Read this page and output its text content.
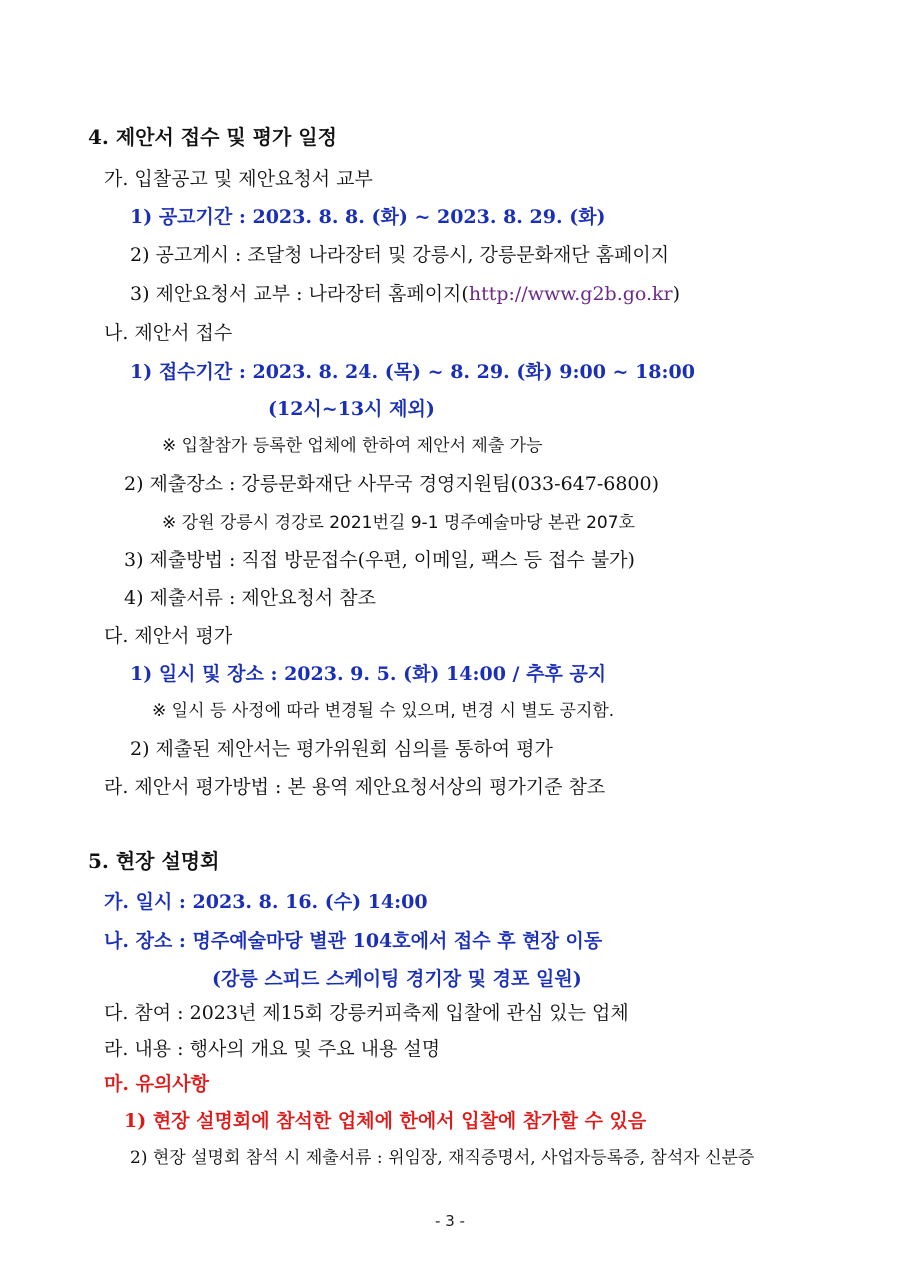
4. 제안서 접수 및 평가 일정
가. 입찰공고 및 제안요청서 교부
1) 공고기간 : 2023. 8. 8. (화) ~ 2023. 8. 29. (화)
2) 공고게시 : 조달청 나라장터 및 강릉시, 강릉문화재단 홈페이지
3) 제안요청서 교부 : 나라장터 홈페이지(http://www.g2b.go.kr)
나. 제안서 접수
1) 접수기간 : 2023. 8. 24. (목) ~ 8. 29. (화) 9:00 ~ 18:00
(12시~13시 제외)
※ 입찰참가 등록한 업체에 한하여 제안서 제출 가능
2) 제출장소 : 강릉문화재단 사무국 경영지원팀(033-647-6800)
※ 강원 강릉시 경강로 2021번길 9-1 명주예술마당 본관 207호
3) 제출방법 : 직접 방문접수(우편, 이메일, 팩스 등 접수 불가)
4) 제출서류 : 제안요청서 참조
다. 제안서 평가
1) 일시 및 장소 : 2023. 9. 5. (화) 14:00 / 추후 공지
※ 일시 등 사정에 따라 변경될 수 있으며, 변경 시 별도 공지함.
2) 제출된 제안서는 평가위원회 심의를 통하여 평가
라. 제안서 평가방법 : 본 용역 제안요청서상의 평가기준 참조
5. 현장 설명회
가. 일시 : 2023. 8. 16. (수) 14:00
나. 장소 : 명주예술마당 별관 104호에서 접수 후 현장 이동
(강릉 스피드 스케이팅 경기장 및 경포 일원)
다. 참여 : 2023년 제15회 강릉커피축제 입찰에 관심 있는 업체
라. 내용 : 행사의 개요 및 주요 내용 설명
마. 유의사항
1) 현장 설명회에 참석한 업체에 한에서 입찰에 참가할 수 있음
2) 현장 설명회 참석 시 제출서류 : 위임장, 재직증명서, 사업자등록증, 참석자 신분증
- 3 -
